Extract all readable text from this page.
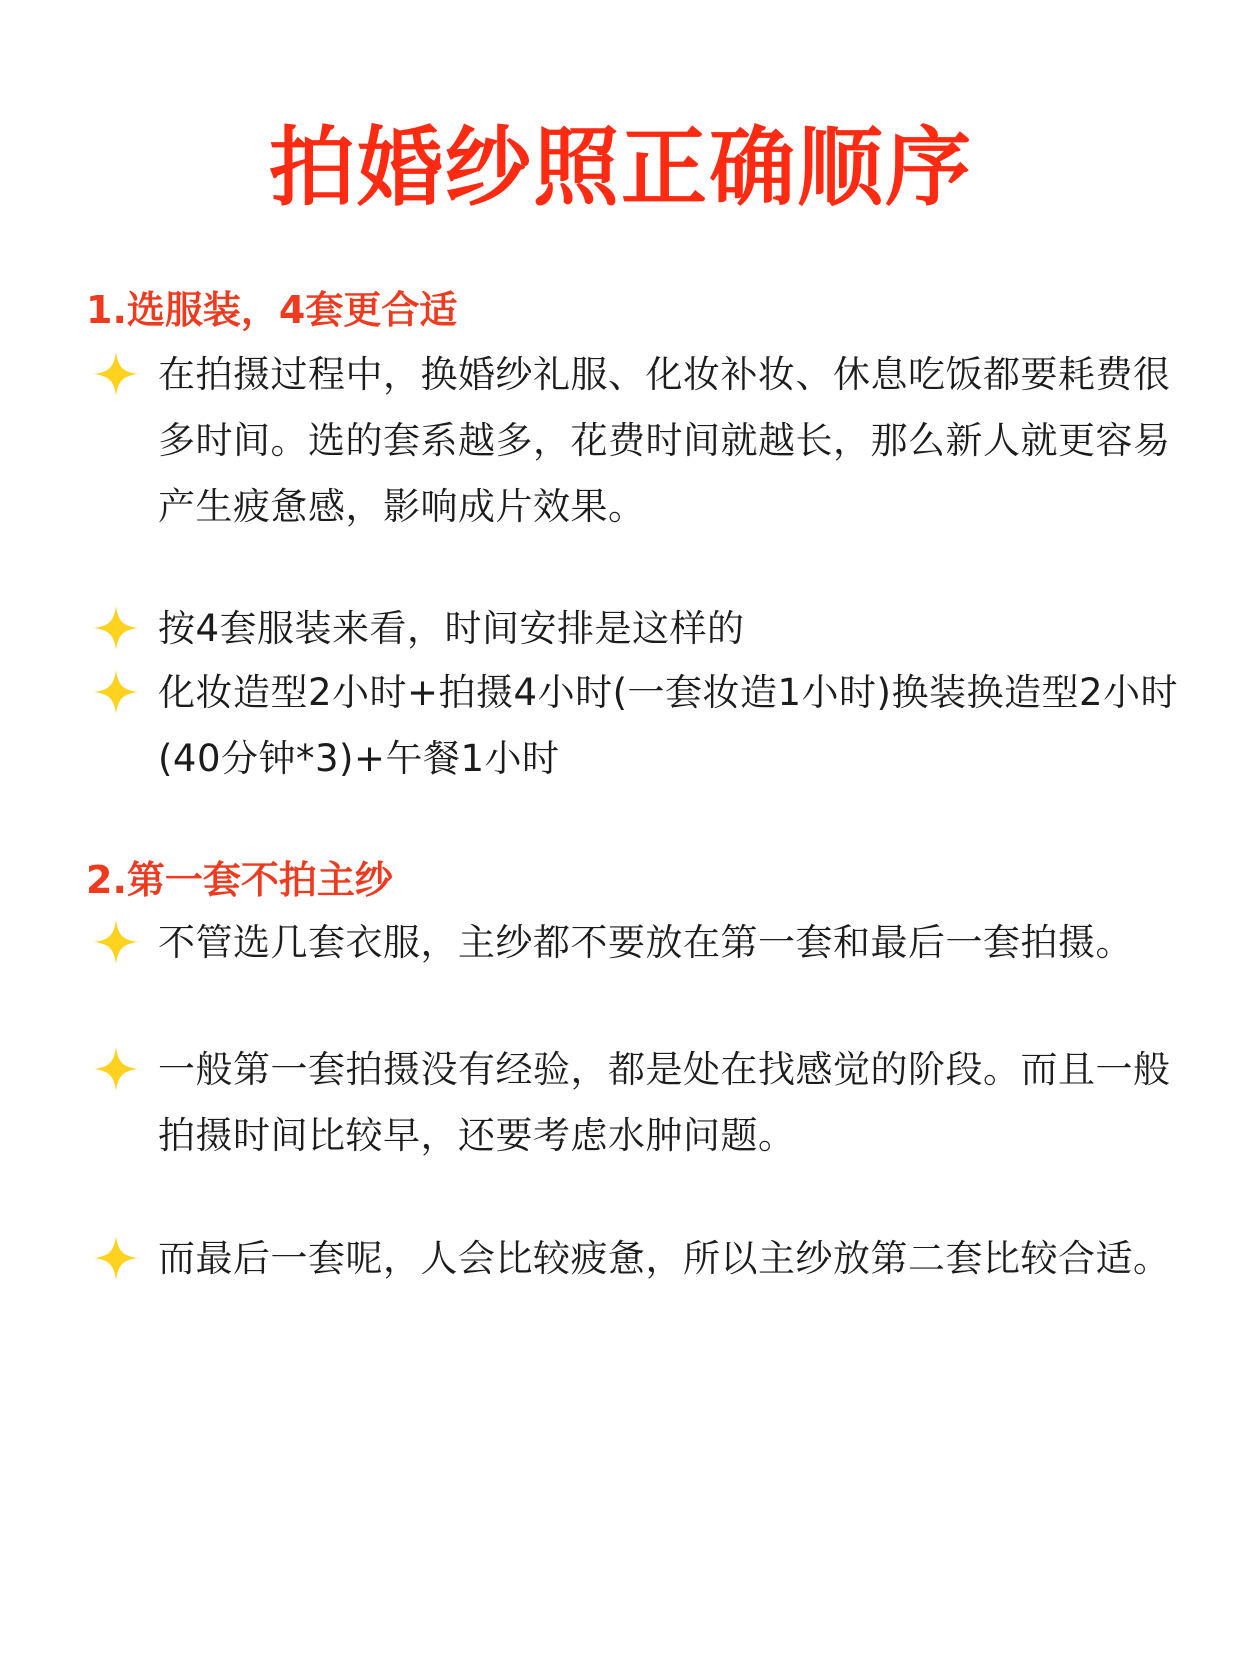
拍婚纱照正确顺序
1.选服装，4套更合适
在拍摄过程中，换婚纱礼服、化妆补妆、休息吃饭都要耗费很多时间。选的套系越多，花费时间就越长，那么新人就更容易产生疲惫感，影响成片效果。
按4套服装来看，时间安排是这样的
化妆造型2小时+拍摄4小时(一套妆造1小时)换装换造型2小时(40分钟*3)+午餐1小时
2.第一套不拍主纱
不管选几套衣服，主纱都不要放在第一套和最后一套拍摄。
一般第一套拍摄没有经验，都是处在找感觉的阶段。而且一般拍摄时间比较早，还要考虑水肿问题。
而最后一套呢，人会比较疲惫，所以主纱放第二套比较合适。
